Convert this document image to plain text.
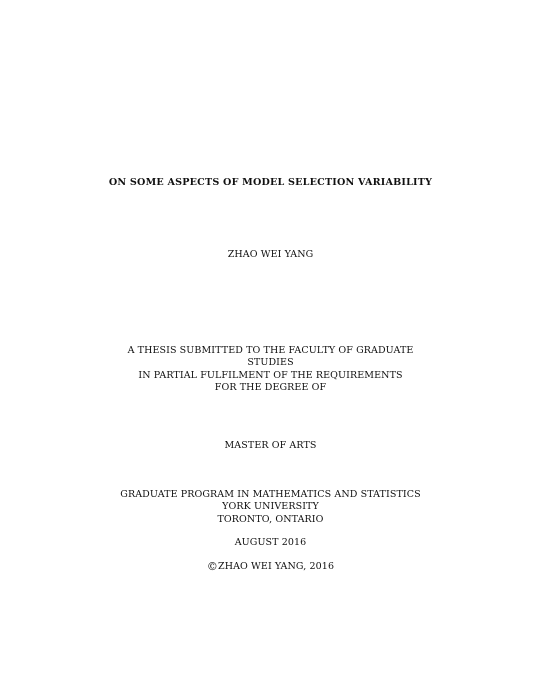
ON SOME ASPECTS OF MODEL SELECTION VARIABILITY
ZHAO WEI YANG
A THESIS SUBMITTED TO THE FACULTY OF GRADUATE
STUDIES
IN PARTIAL FULFILMENT OF THE REQUIREMENTS
FOR THE DEGREE OF
MASTER OF ARTS
GRADUATE PROGRAM IN MATHEMATICS AND STATISTICS
YORK UNIVERSITY
TORONTO, ONTARIO
AUGUST 2016
©ZHAO WEI YANG, 2016
